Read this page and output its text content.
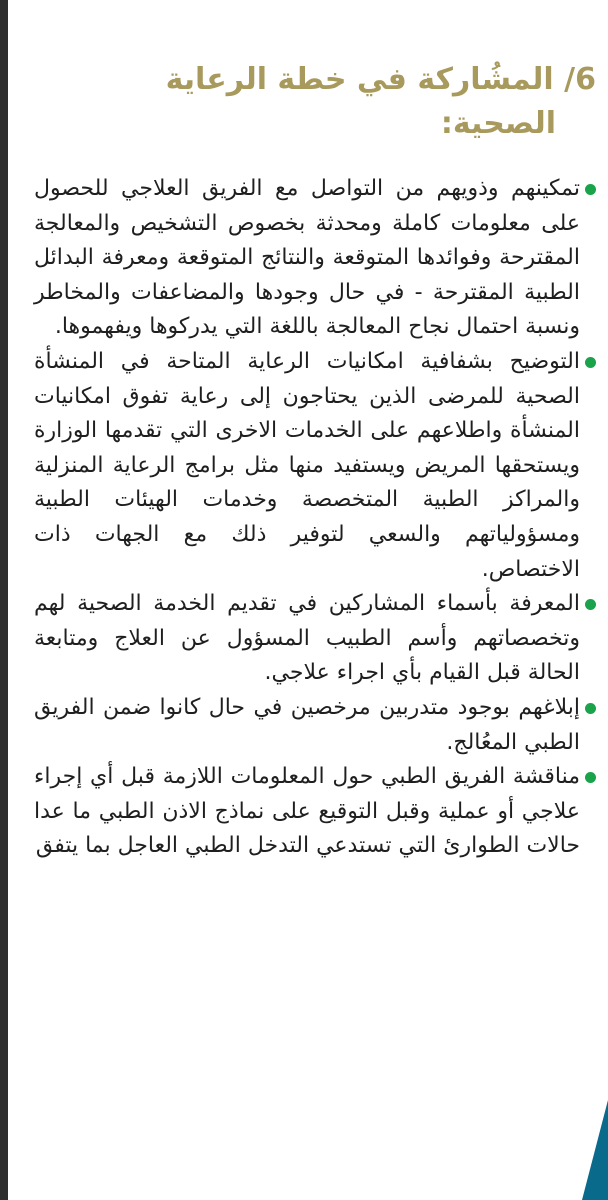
6/ المشُاركة في خطة الرعاية
الصحية:
تمكينهم وذويهم من التواصل مع الفريق العلاجي للحصول على معلومات كاملة ومحدثة بخصوص التشخيص والمعالجة المقترحة وفوائدها المتوقعة والنتائج المتوقعة ومعرفة البدائل الطبية المقترحة - في حال وجودها والمضاعفات والمخاطر ونسبة احتمال نجاح المعالجة باللغة التي يدركوها ويفهموها.
التوضيح بشفافية امكانيات الرعاية المتاحة في المنشأة الصحية للمرضى الذين يحتاجون إلى رعاية تفوق امكانيات المنشأة واطلاعهم على الخدمات الاخرى التي تقدمها الوزارة ويستحقها المريض ويستفيد منها مثل برامج الرعاية المنزلية والمراكز الطبية المتخصصة وخدمات الهيئات الطبية ومسؤولياتهم والسعي لتوفير ذلك مع الجهات ذات الاختصاص.
المعرفة بأسماء المشاركين في تقديم الخدمة الصحية لهم وتخصصاتهم وأسم الطبيب المسؤول عن العلاج ومتابعة الحالة قبل القيام بأي اجراء علاجي.
إبلاغهم بوجود متدربين مرخصين في حال كانوا ضمن الفريق الطبي المعُالج.
مناقشة الفريق الطبي حول المعلومات اللازمة قبل أي إجراء علاجي أو عملية وقبل التوقيع على نماذج الاذن الطبي ما عدا حالات الطوارئ التي تستدعي التدخل الطبي العاجل بما يتفق
